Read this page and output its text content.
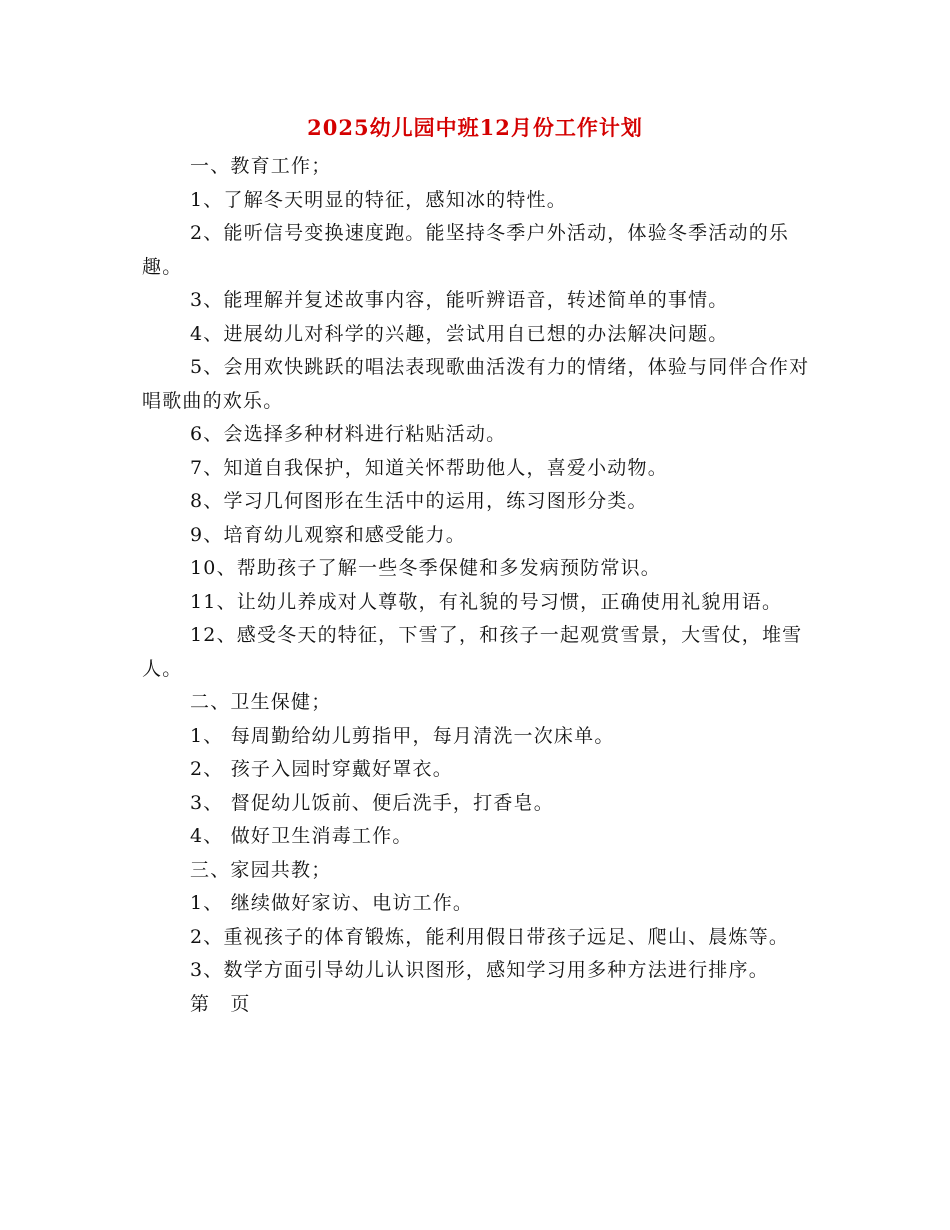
2025幼儿园中班12月份工作计划

一、教育工作；

1、了解冬天明显的特征，感知冰的特性。

2、能听信号变换速度跑。能坚持冬季户外活动，体验冬季活动的乐趣。

3、能理解并复述故事内容，能听辨语音，转述简单的事情。

4、进展幼儿对科学的兴趣，尝试用自已想的办法解决问题。

5、会用欢快跳跃的唱法表现歌曲活泼有力的情绪，体验与同伴合作对唱歌曲的欢乐。

6、会选择多种材料进行粘贴活动。

7、知道自我保护，知道关怀帮助他人，喜爱小动物。

8、学习几何图形在生活中的运用，练习图形分类。

9、培育幼儿观察和感受能力。

10、帮助孩子了解一些冬季保健和多发病预防常识。

11、让幼儿养成对人尊敬，有礼貌的号习惯，正确使用礼貌用语。

12、感受冬天的特征，下雪了，和孩子一起观赏雪景，大雪仗，堆雪人。

二、卫生保健；

1、 每周勤给幼儿剪指甲，每月清洗一次床单。

2、 孩子入园时穿戴好罩衣。

3、 督促幼儿饭前、便后洗手，打香皂。

4、 做好卫生消毒工作。

三、家园共教；

1、 继续做好家访、电访工作。

2、重视孩子的体育锻炼，能利用假日带孩子远足、爬山、晨炼等。

3、数学方面引导幼儿认识图形，感知学习用多种方法进行排序。

第　页
